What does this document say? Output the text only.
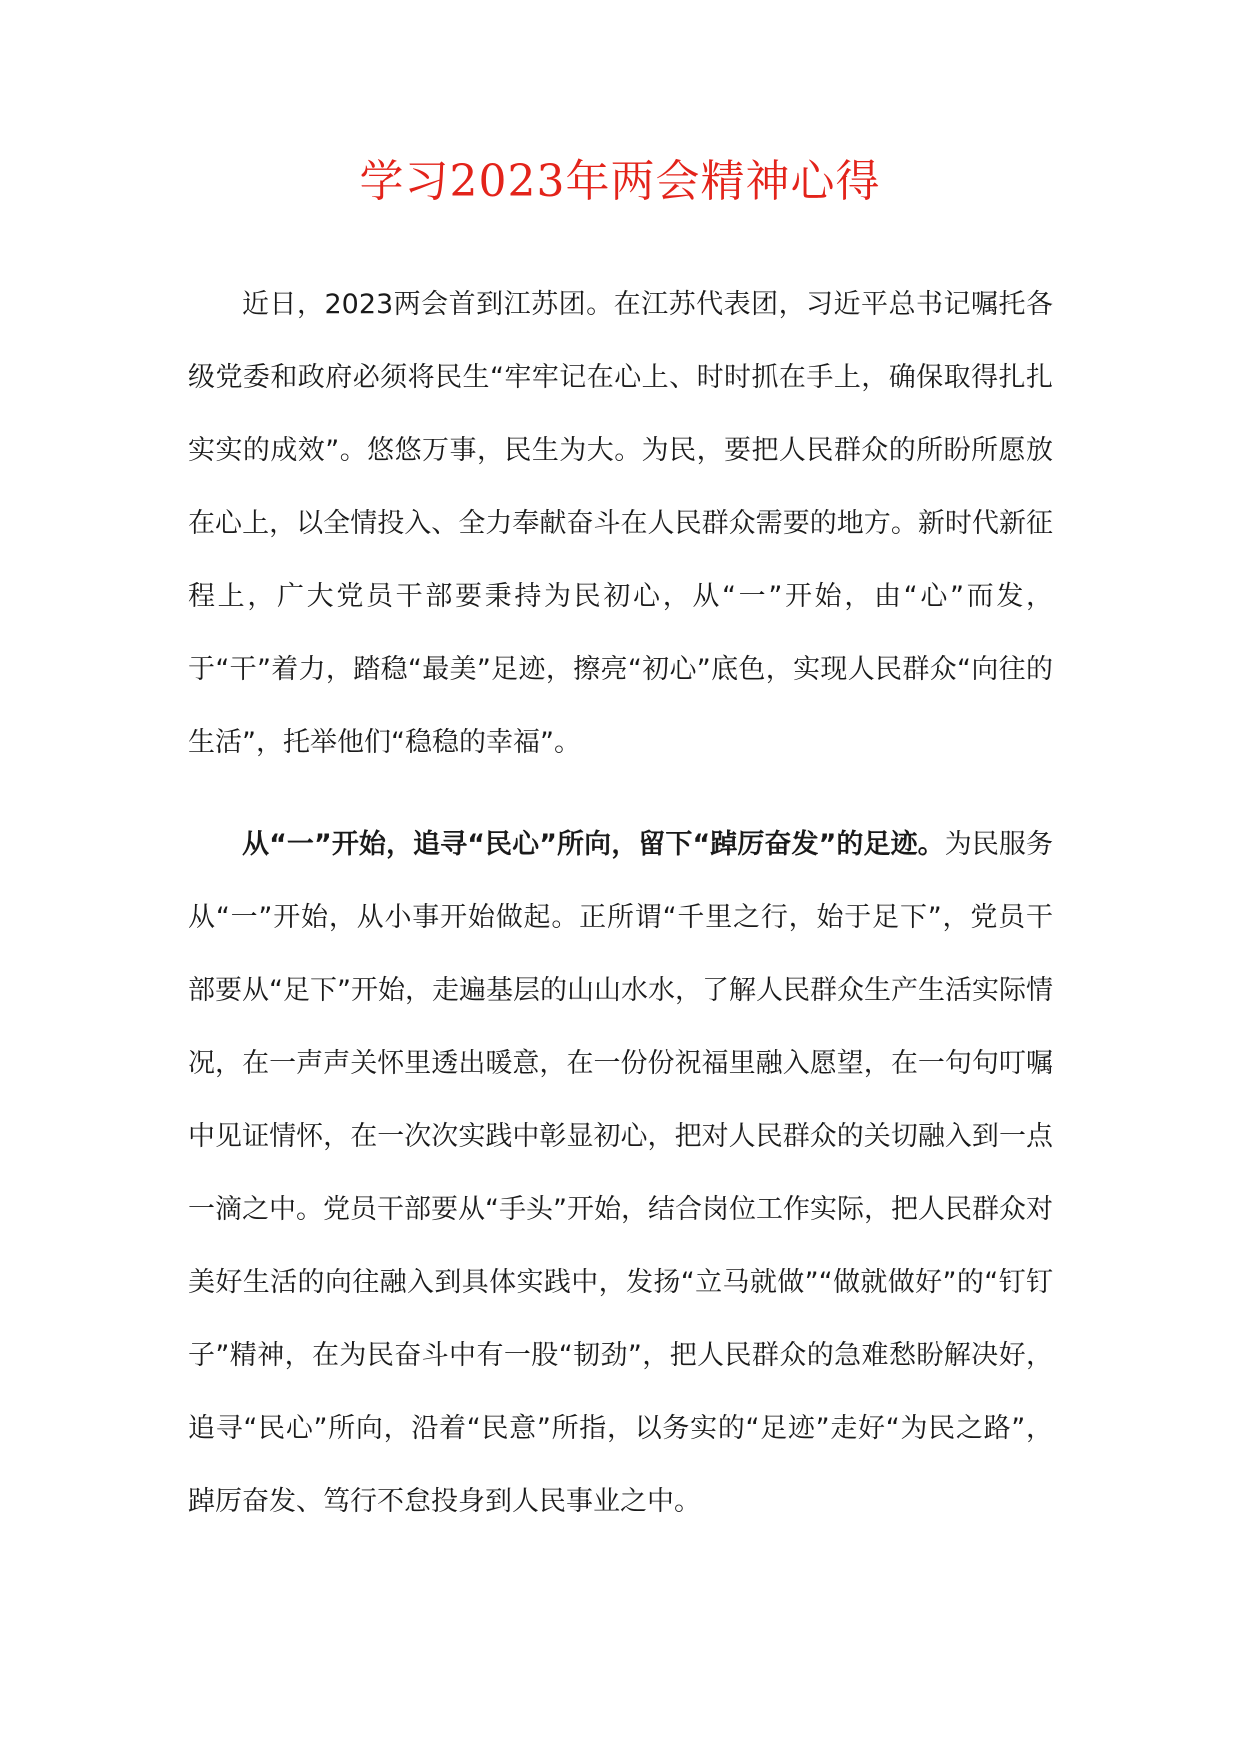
学习2023年两会精神心得

近日，2023两会首到江苏团。在江苏代表团，习近平总书记嘱托各级党委和政府必须将民生“牢牢记在心上、时时抓在手上，确保取得扎扎实实的成效”。悠悠万事，民生为大。为民，要把人民群众的所盼所愿放在心上，以全情投入、全力奉献奋斗在人民群众需要的地方。新时代新征程上，广大党员干部要秉持为民初心，从“一”开始，由“心”而发，于“干”着力，踏稳“最美”足迹，擦亮“初心”底色，实现人民群众“向往的生活”，托举他们“稳稳的幸福”。

从“一”开始，追寻“民心”所向，留下“踔厉奋发”的足迹。为民服务从“一”开始，从小事开始做起。正所谓“千里之行，始于足下”，党员干部要从“足下”开始，走遍基层的山山水水，了解人民群众生产生活实际情况，在一声声关怀里透出暖意，在一份份祝福里融入愿望，在一句句叮嘱中见证情怀，在一次次实践中彰显初心，把对人民群众的关切融入到一点一滴之中。党员干部要从“手头”开始，结合岗位工作实际，把人民群众对美好生活的向往融入到具体实践中，发扬“立马就做”“做就做好”的“钉钉子”精神，在为民奋斗中有一股“韧劲”，把人民群众的急难愁盼解决好，追寻“民心”所向，沿着“民意”所指，以务实的“足迹”走好“为民之路”，踔厉奋发、笃行不怠投身到人民事业之中。
